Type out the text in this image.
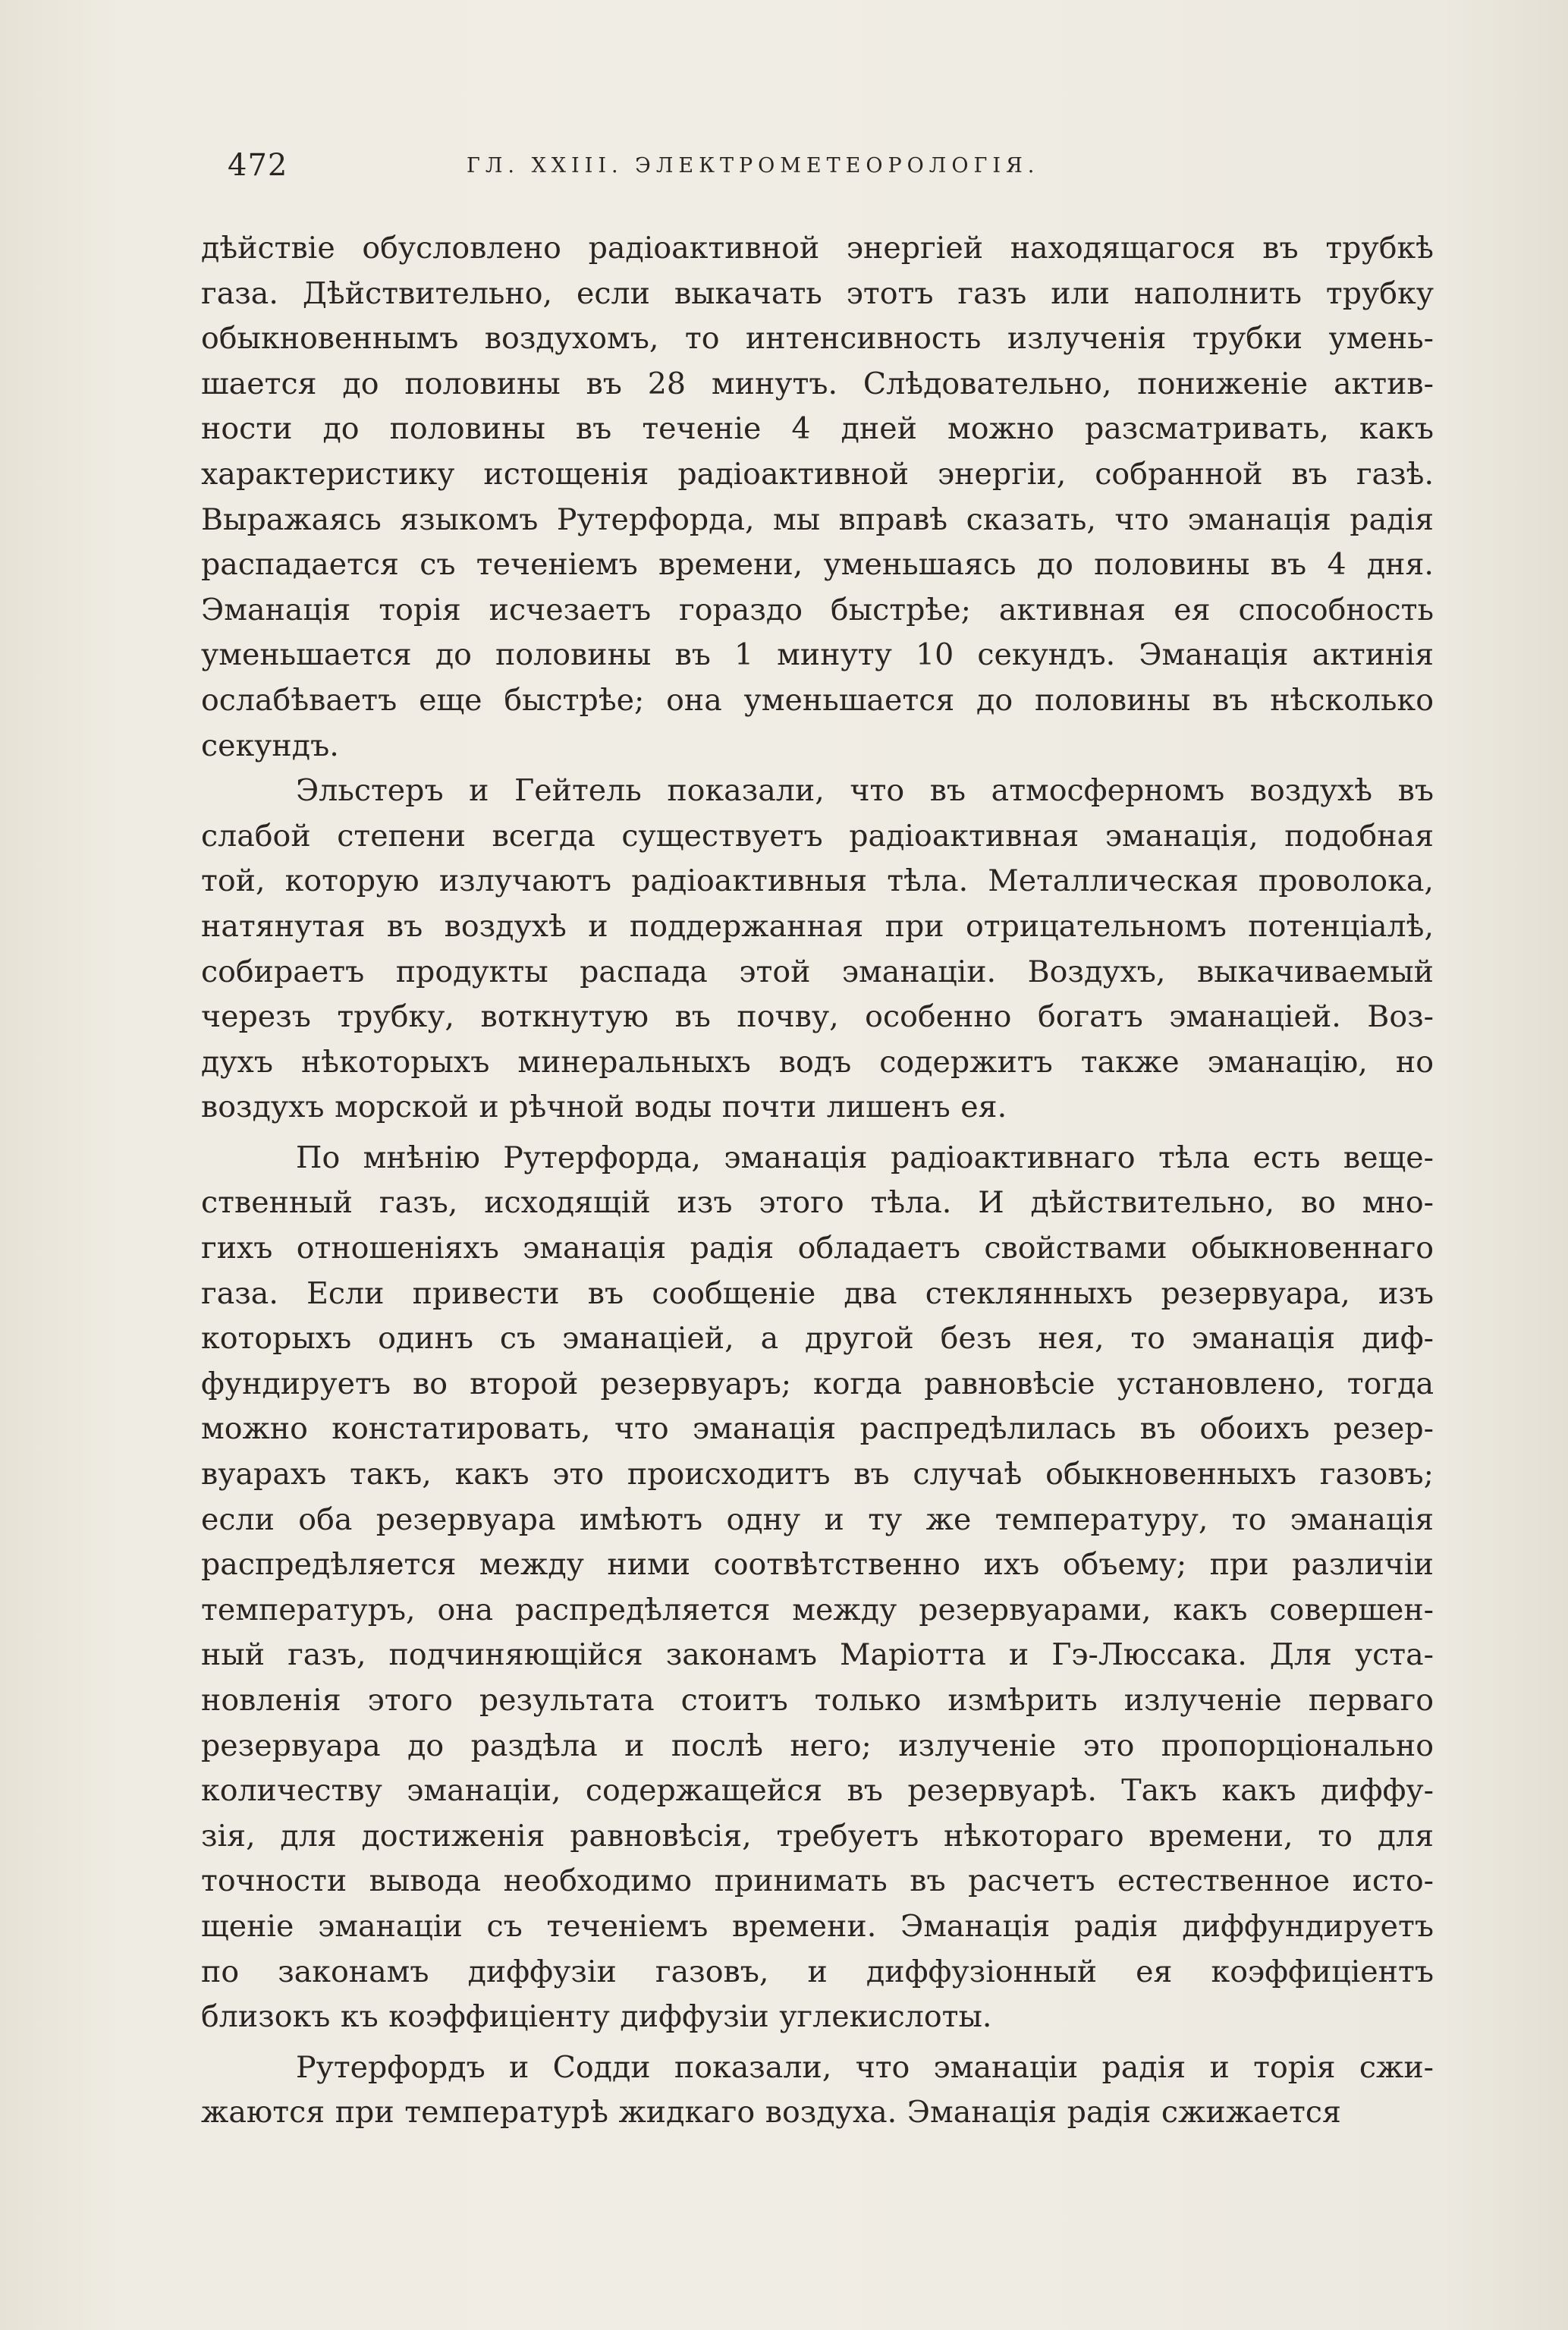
472	ГЛ. XXIII. ЭЛЕКТРОМЕТЕОРОЛОГІЯ.
дѣйствіе обусловлено радіоактивной энергіей находящагося въ трубкѣ
газа. Дѣйствительно, если выкачать этотъ газъ или наполнить трубку
обыкновеннымъ воздухомъ, то интенсивность излученія трубки умень-
шается до половины въ 28 минутъ. Слѣдовательно, пониженіе актив-
ности до половины въ теченіе 4 дней можно разсматривать, какъ
характеристику истощенія радіоактивной энергіи, собранной въ газѣ.
Выражаясь языкомъ Рутерфорда, мы вправѣ сказать, что эманація радія
распадается съ теченіемъ времени, уменьшаясь до половины въ 4 дня.
Эманація торія исчезаетъ гораздо быстрѣе; активная ея способность
уменьшается до половины въ 1 минуту 10 секундъ. Эманація актинія
ослабѣваетъ еще быстрѣе; она уменьшается до половины въ нѣсколько
секундъ.
Эльстеръ и Гейтель показали, что въ атмосферномъ воздухѣ въ
слабой степени всегда существуетъ радіоактивная эманація, подобная
той, которую излучаютъ радіоактивныя тѣла. Металлическая проволока,
натянутая въ воздухѣ и поддержанная при отрицательномъ потенціалѣ,
собираетъ продукты распада этой эманаціи. Воздухъ, выкачиваемый
черезъ трубку, воткнутую въ почву, особенно богатъ эманаціей. Воз-
духъ нѣкоторыхъ минеральныхъ водъ содержитъ также эманацію, но
воздухъ морской и рѣчной воды почти лишенъ ея.
По мнѣнію Рутерфорда, эманація радіоактивнаго тѣла есть веще-
ственный газъ, исходящій изъ этого тѣла. И дѣйствительно, во мно-
гихъ отношеніяхъ эманація радія обладаетъ свойствами обыкновеннаго
газа. Если привести въ сообщеніе два стеклянныхъ резервуара, изъ
которыхъ одинъ съ эманаціей, а другой безъ нея, то эманація диф-
фундируетъ во второй резервуаръ; когда равновѣсіе установлено, тогда
можно констатировать, что эманація распредѣлилась въ обоихъ резер-
вуарахъ такъ, какъ это происходитъ въ случаѣ обыкновенныхъ газовъ;
если оба резервуара имѣютъ одну и ту же температуру, то эманація
распредѣляется между ними соотвѣтственно ихъ объему; при различіи
температуръ, она распредѣляется между резервуарами, какъ совершен-
ный газъ, подчиняющійся законамъ Маріотта и Гэ-Люссака. Для уста-
новленія этого результата стоитъ только измѣрить излученіе перваго
резервуара до раздѣла и послѣ него; излученіе это пропорціонально
количеству эманаціи, содержащейся въ резервуарѣ. Такъ какъ диффу-
зія, для достиженія равновѣсія, требуетъ нѣкотораго времени, то для
точности вывода необходимо принимать въ расчетъ естественное исто-
щеніе эманаціи съ теченіемъ времени. Эманація радія диффундируетъ
по законамъ диффузіи газовъ, и диффузіонный ея коэффиціентъ
близокъ къ коэффиціенту диффузіи углекислоты.
Рутерфордъ и Содди показали, что эманаціи радія и торія сжи-
жаются при температурѣ жидкаго воздуха. Эманація радія сжижается
